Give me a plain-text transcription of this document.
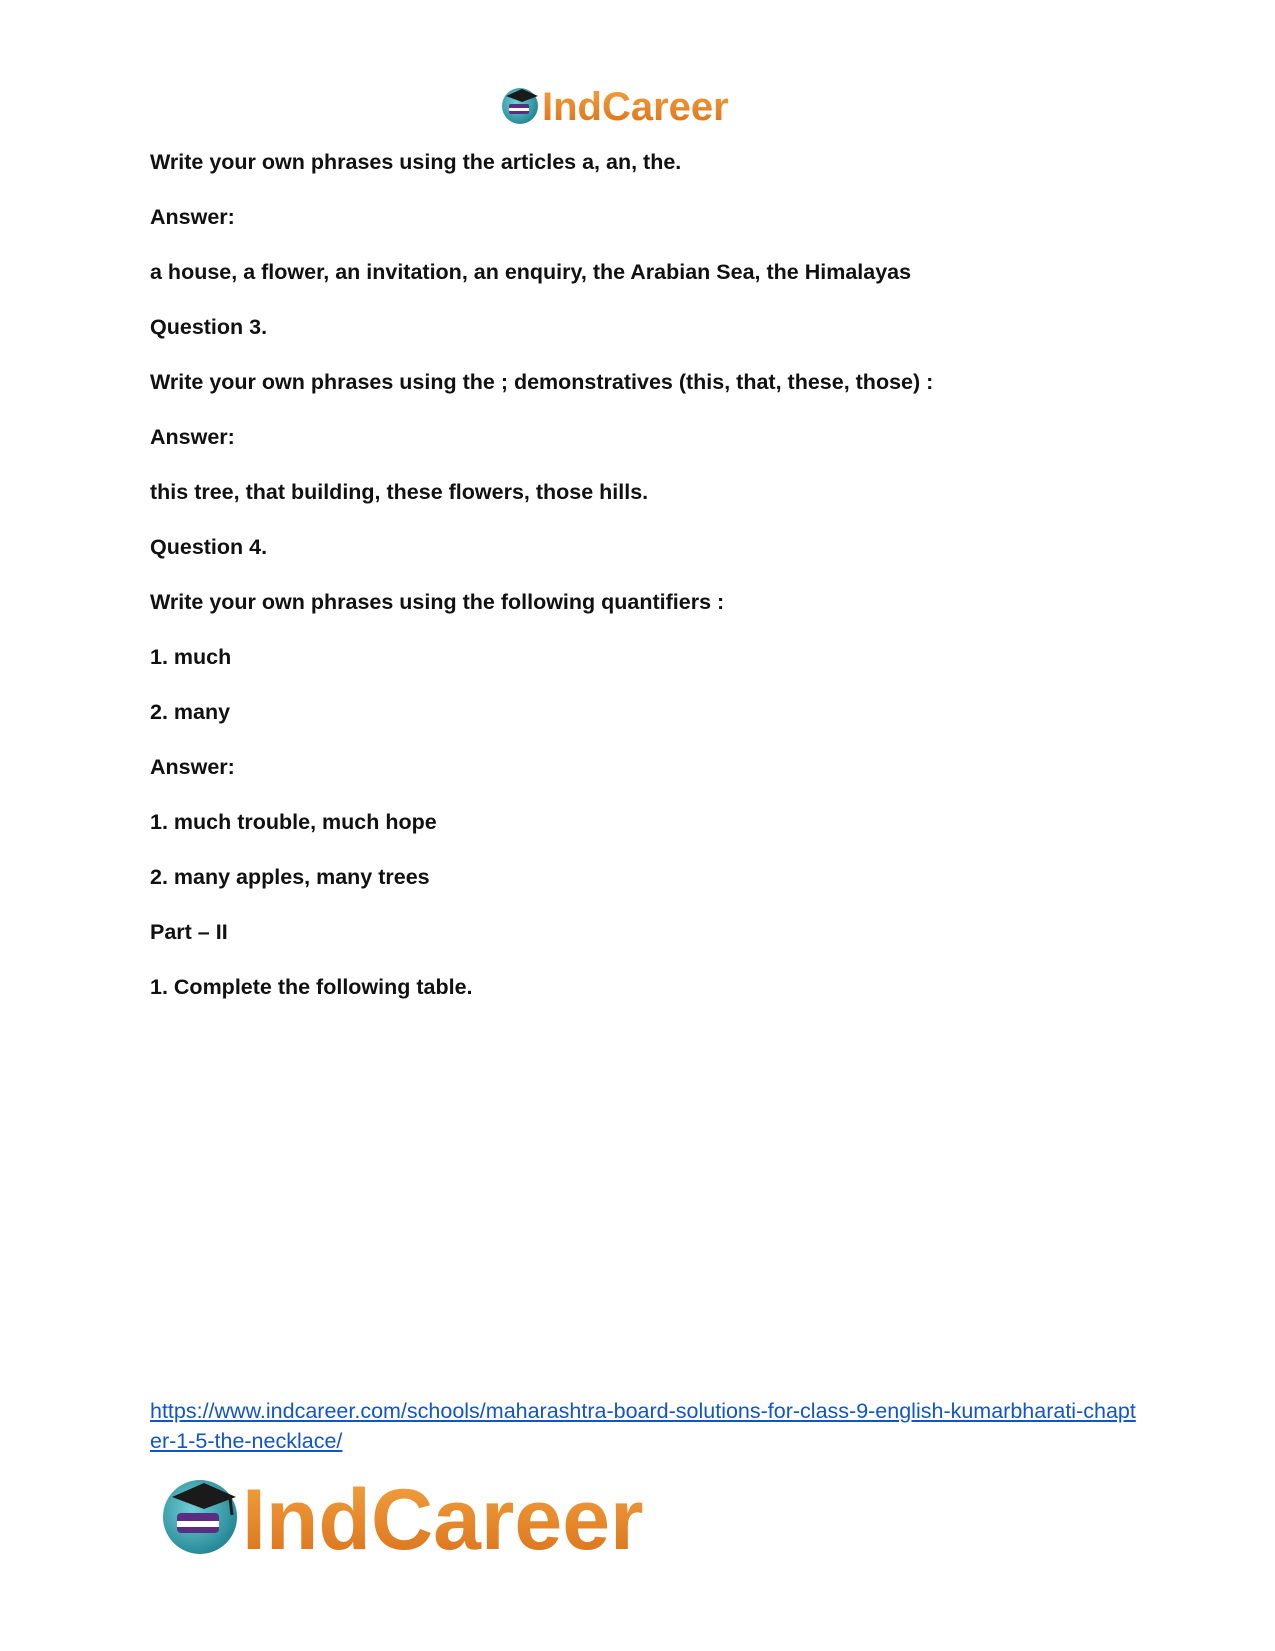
IndCareer
Write your own phrases using the articles a, an, the.
Answer:
a house, a flower, an invitation, an enquiry, the Arabian Sea, the Himalayas
Question 3.
Write your own phrases using the ; demonstratives (this, that, these, those) :
Answer:
this tree, that building, these flowers, those hills.
Question 4.
Write your own phrases using the following quantifiers :
1. much
2. many
Answer:
1. much trouble, much hope
2. many apples, many trees
Part – II
1. Complete the following table.
https://www.indcareer.com/schools/maharashtra-board-solutions-for-class-9-english-kumarbharati-chapter-1-5-the-necklace/
IndCareer
